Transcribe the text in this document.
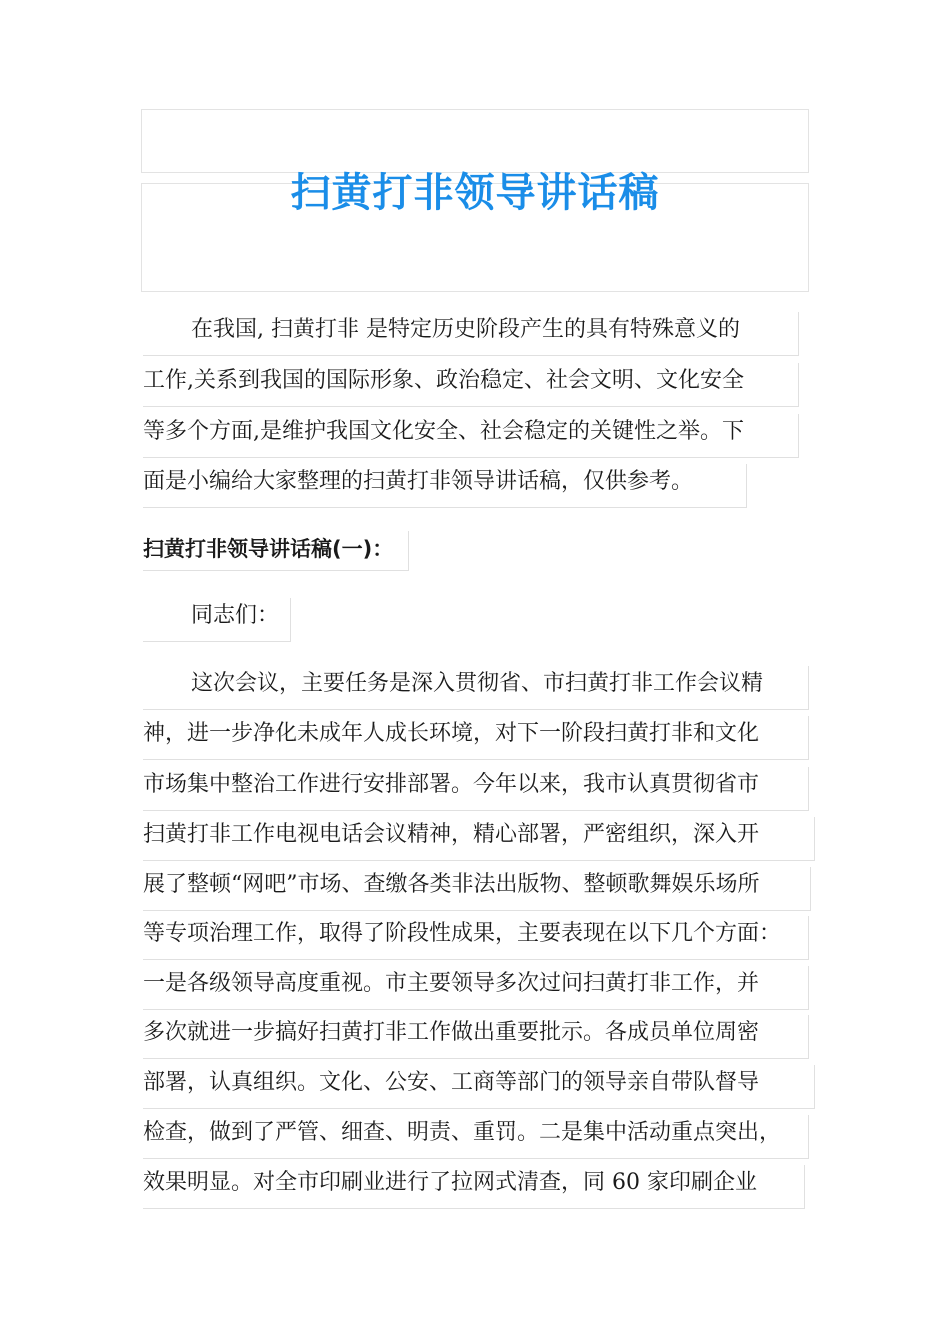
扫黄打非领导讲话稿
在我国, 扫黄打非 是特定历史阶段产生的具有特殊意义的
工作,关系到我国的国际形象、政治稳定、社会文明、文化安全
等多个方面,是维护我国文化安全、社会稳定的关键性之举。下
面是小编给大家整理的扫黄打非领导讲话稿，仅供参考。
扫黄打非领导讲话稿(一)：
同志们：
这次会议，主要任务是深入贯彻省、市扫黄打非工作会议精
神，进一步净化未成年人成长环境，对下一阶段扫黄打非和文化
市场集中整治工作进行安排部署。今年以来，我市认真贯彻省市
扫黄打非工作电视电话会议精神，精心部署，严密组织，深入开
展了整顿“网吧”市场、查缴各类非法出版物、整顿歌舞娱乐场所
等专项治理工作，取得了阶段性成果，主要表现在以下几个方面：
一是各级领导高度重视。市主要领导多次过问扫黄打非工作，并
多次就进一步搞好扫黄打非工作做出重要批示。各成员单位周密
部署，认真组织。文化、公安、工商等部门的领导亲自带队督导
检查，做到了严管、细查、明责、重罚。二是集中活动重点突出，
效果明显。对全市印刷业进行了拉网式清查，同 60 家印刷企业
